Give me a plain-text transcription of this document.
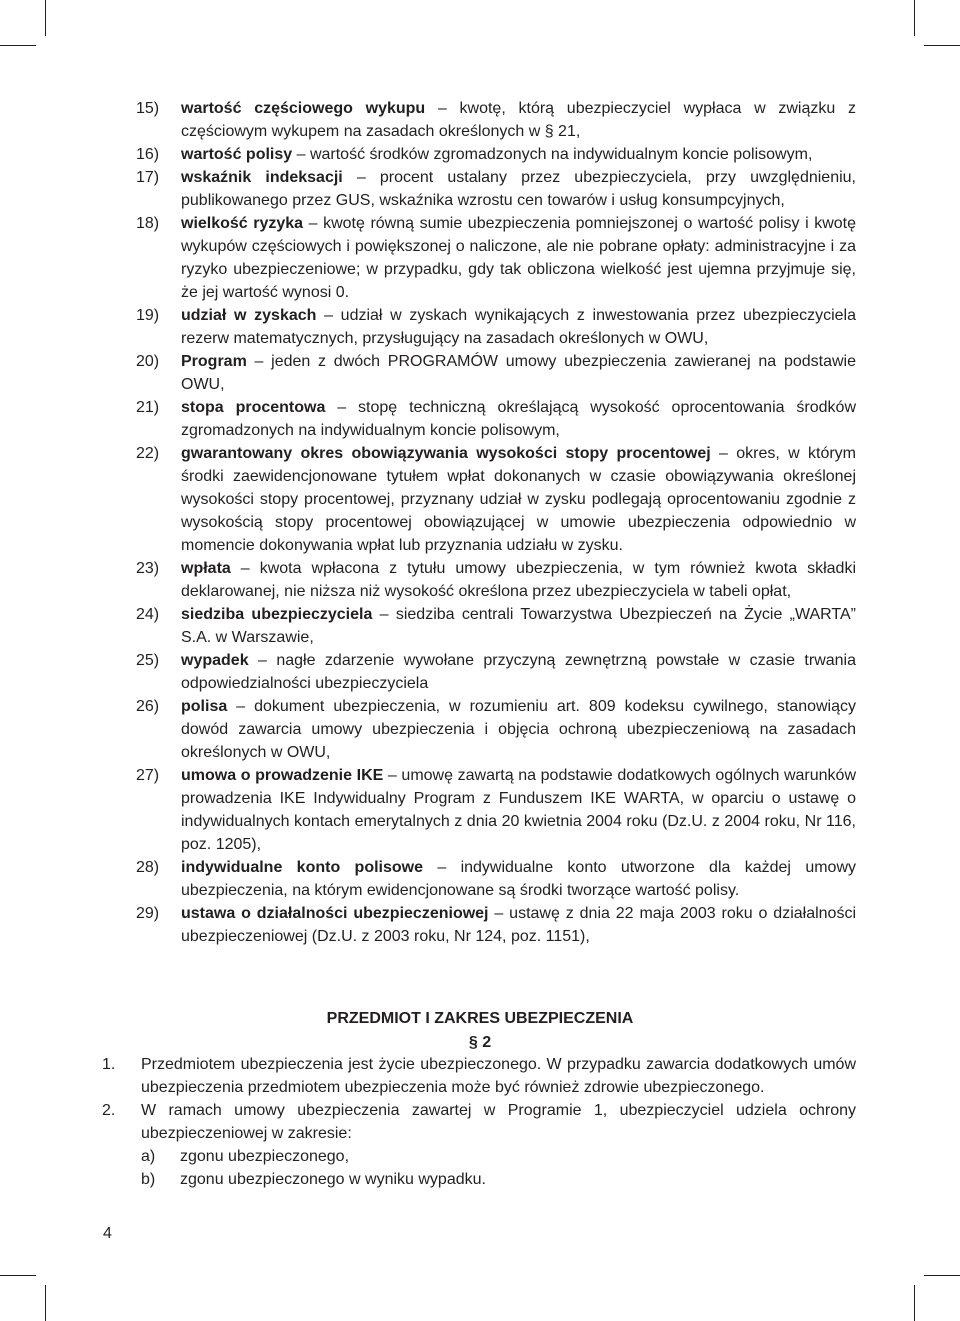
15)	wartość częściowego wykupu – kwotę, którą ubezpieczyciel wypłaca w związku z częściowym wykupem na zasadach określonych w § 21,
16)	wartość polisy – wartość środków zgromadzonych na indywidualnym koncie polisowym,
17)	wskaźnik indeksacji – procent ustalany przez ubezpieczyciela, przy uwzględnieniu, publikowanego przez GUS, wskaźnika wzrostu cen towarów i usług konsumpcyjnych,
18)	wielkość ryzyka – kwotę równą sumie ubezpieczenia pomniejszonej o wartość polisy i kwotę wykupów częściowych i powiększonej o naliczone, ale nie pobrane opłaty: administracyjne i za ryzyko ubezpieczeniowe; w przypadku, gdy tak obliczona wielkość jest ujemna przyjmuje się, że jej wartość wynosi 0.
19)	udział w zyskach – udział w zyskach wynikających z inwestowania przez ubezpieczyciela rezerw matematycznych, przysługujący na zasadach określonych w OWU,
20)	Program – jeden z dwóch PROGRAMÓW umowy ubezpieczenia zawieranej na podstawie OWU,
21)	stopa procentowa – stopę techniczną określającą wysokość oprocentowania środków zgromadzonych na indywidualnym koncie polisowym,
22)	gwarantowany okres obowiązywania wysokości stopy procentowej – okres, w którym środki zaewidencjonowane tytułem wpłat dokonanych w czasie obowiązywania określonej wysokości stopy procentowej, przyznany udział w zysku podlegają oprocentowaniu zgodnie z wysokością stopy procentowej obowiązującej w umowie ubezpieczenia odpowiednio w momencie dokonywania wpłat lub przyznania udziału w zysku.
23)	wpłata – kwota wpłacona z tytułu umowy ubezpieczenia, w tym również kwota składki deklarowanej, nie niższa niż wysokość określona przez ubezpieczyciela w tabeli opłat,
24)	siedziba ubezpieczyciela – siedziba centrali Towarzystwa Ubezpieczeń na Życie „WARTA” S.A. w Warszawie,
25)	wypadek – nagłe zdarzenie wywołane przyczyną zewnętrzną powstałe w czasie trwania odpowiedzialności ubezpieczyciela
26)	polisa – dokument ubezpieczenia, w rozumieniu art. 809 kodeksu cywilnego, stanowiący dowód zawarcia umowy ubezpieczenia i objęcia ochroną ubezpieczeniową na zasadach określonych w OWU,
27)	umowa o prowadzenie IKE – umowę zawartą na podstawie dodatkowych ogólnych warunków prowadzenia IKE Indywidualny Program z Funduszem IKE WARTA, w oparciu o ustawę o indywidualnych kontach emerytalnych z dnia 20 kwietnia 2004 roku (Dz.U. z 2004 roku, Nr 116, poz. 1205),
28)	indywidualne konto polisowe – indywidualne konto utworzone dla każdej umowy ubezpieczenia, na którym ewidencjonowane są środki tworzące wartość polisy.
29)	ustawa o działalności ubezpieczeniowej – ustawę z dnia 22 maja 2003 roku o działalności ubezpieczeniowej (Dz.U. z 2003 roku, Nr 124, poz. 1151),
PRZEDMIOT I ZAKRES UBEZPIECZENIA
§ 2
1.	Przedmiotem ubezpieczenia jest życie ubezpieczonego. W przypadku zawarcia dodatkowych umów ubezpieczenia przedmiotem ubezpieczenia może być również zdrowie ubezpieczonego.
2.	W ramach umowy ubezpieczenia zawartej w Programie 1, ubezpieczyciel udziela ochrony ubezpieczeniowej w zakresie:
a)	zgonu ubezpieczonego,
b)	zgonu ubezpieczonego w wyniku wypadku.
4
